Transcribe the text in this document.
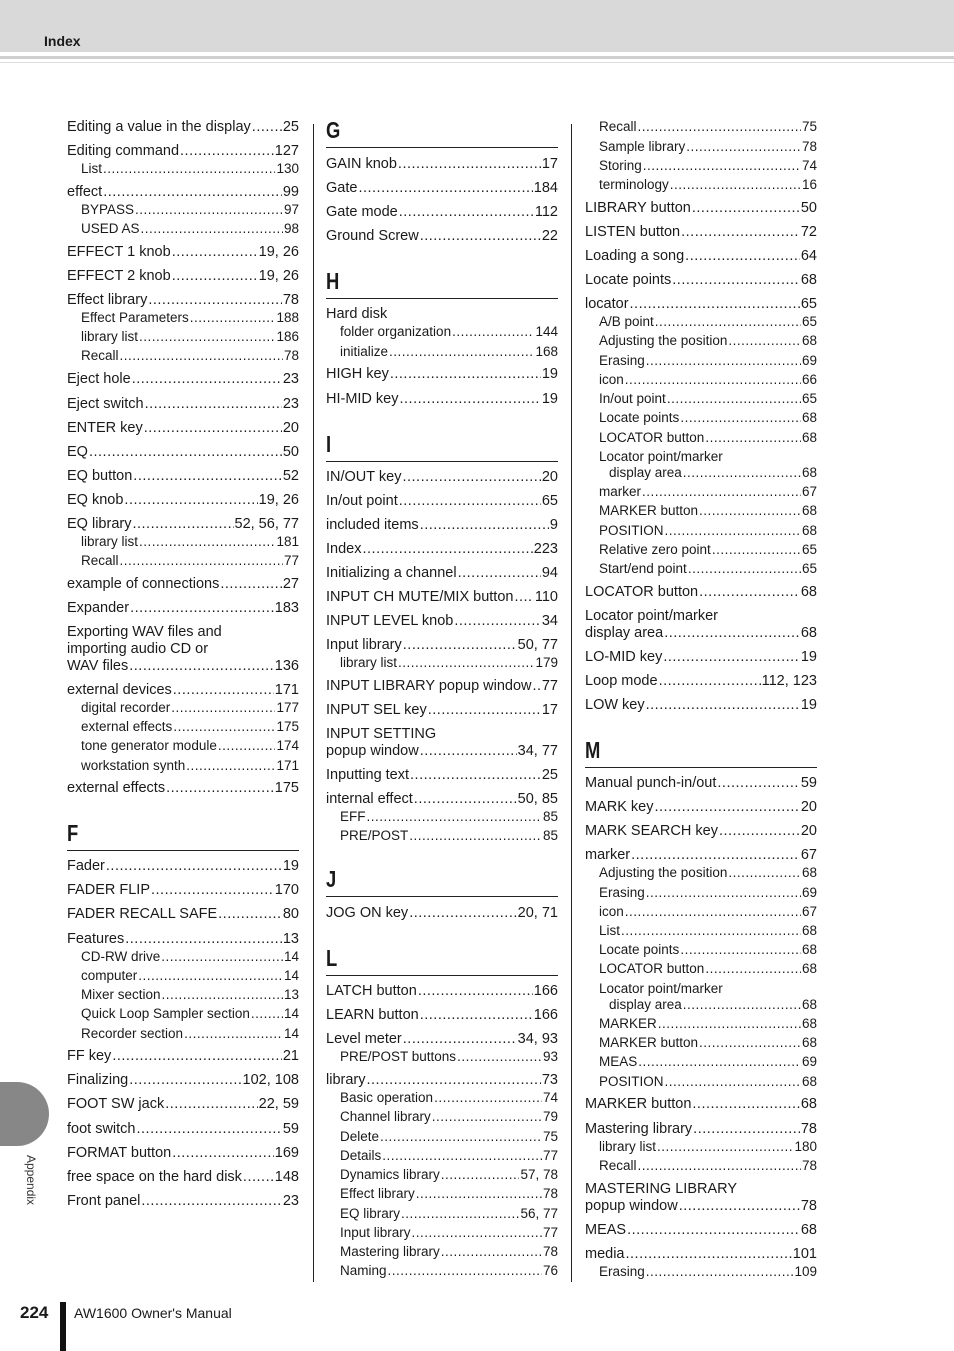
Index
Editing a value in the display ..... 25
Editing command .....	127
List .....	130
effect .....	99
BYPASS .....	97
USED AS .....	98
EFFECT 1 knob .....	19, 26
EFFECT 2 knob .....	19, 26
Effect library .....	78
Effect Parameters .....	188
library list .....	186
Recall .....	78
Eject hole .....	23
Eject switch .....	23
ENTER key .....	20
EQ .....	50
EQ button .....	52
EQ knob .....	19, 26
EQ library .....	52, 56, 77
library list .....	181
Recall .....	77
example of connections .....	27
Expander .....	183
Exporting WAV files and
importing audio CD or
WAV files .....	136
external devices .....	171
digital recorder .....	177
external effects .....	175
tone generator module .....	174
workstation synth .....	171
external effects .....	175
F
Fader .....	19
FADER FLIP .....	170
FADER RECALL SAFE .....	80
Features .....	13
CD-RW drive .....	14
computer .....	14
Mixer section .....	13
Quick Loop Sampler section .....	14
Recorder section .....	14
FF key .....	21
Finalizing .....	102, 108
FOOT SW jack .....	22, 59
foot switch .....	59
FORMAT button .....	169
free space on the hard disk ..... 148
Front panel .....	23
G
GAIN knob .....	17
Gate .....	184
Gate mode .....	112
Ground Screw .....	22
H
Hard disk
folder organization .....	144
initialize .....	168
HIGH key .....	19
HI-MID key .....	19
I
IN/OUT key .....	20
In/out point .....	65
included items .....	9
Index .....	223
Initializing a channel .....	94
INPUT CH MUTE/MIX button ..... 110
INPUT LEVEL knob .....	34
Input library .....	50, 77
library list .....	179
INPUT LIBRARY popup window ..... 77
INPUT SEL key .....	17
INPUT SETTING
popup window .....	34, 77
Inputting text .....	25
internal effect .....	50, 85
EFF .....	85
PRE/POST .....	85
J
JOG ON key .....	20, 71
L
LATCH button .....	166
LEARN button .....	166
Level meter .....	34, 93
PRE/POST buttons .....	93
library .....	73
Basic operation .....	74
Channel library .....	79
Delete .....	75
Details .....	77
Dynamics library .....	57, 78
Effect library .....	78
EQ library .....	56, 77
Input library .....	77
Mastering library .....	78
Naming .....	76
Recall .....	75
Sample library .....	78
Storing .....	74
terminology .....	16
LIBRARY button .....	50
LISTEN button .....	72
Loading a song .....	64
Locate points .....	68
locator .....	65
A/B point .....	65
Adjusting the position .....	68
Erasing .....	69
icon .....	66
In/out point .....	65
Locate points .....	68
LOCATOR button .....	68
Locator point/marker
display area .....	68
marker .....	67
MARKER button .....	68
POSITION .....	68
Relative zero point .....	65
Start/end point .....	65
LOCATOR button .....	68
Locator point/marker
display area .....	68
LO-MID key .....	19
Loop mode .....	112, 123
LOW key .....	19
M
Manual punch-in/out .....	59
MARK key .....	20
MARK SEARCH key .....	20
marker .....	67
Adjusting the position .....	68
Erasing .....	69
icon .....	67
List .....	68
Locate points .....	68
LOCATOR button .....	68
Locator point/marker
display area .....	68
MARKER .....	68
MARKER button .....	68
MEAS .....	69
POSITION .....	68
MARKER button .....	68
Mastering library .....	78
library list .....	180
Recall .....	78
MASTERING LIBRARY
popup window .....	78
MEAS .....	68
media .....	101
Erasing .....	109
Appendix
224 AW1600 Owner's Manual
